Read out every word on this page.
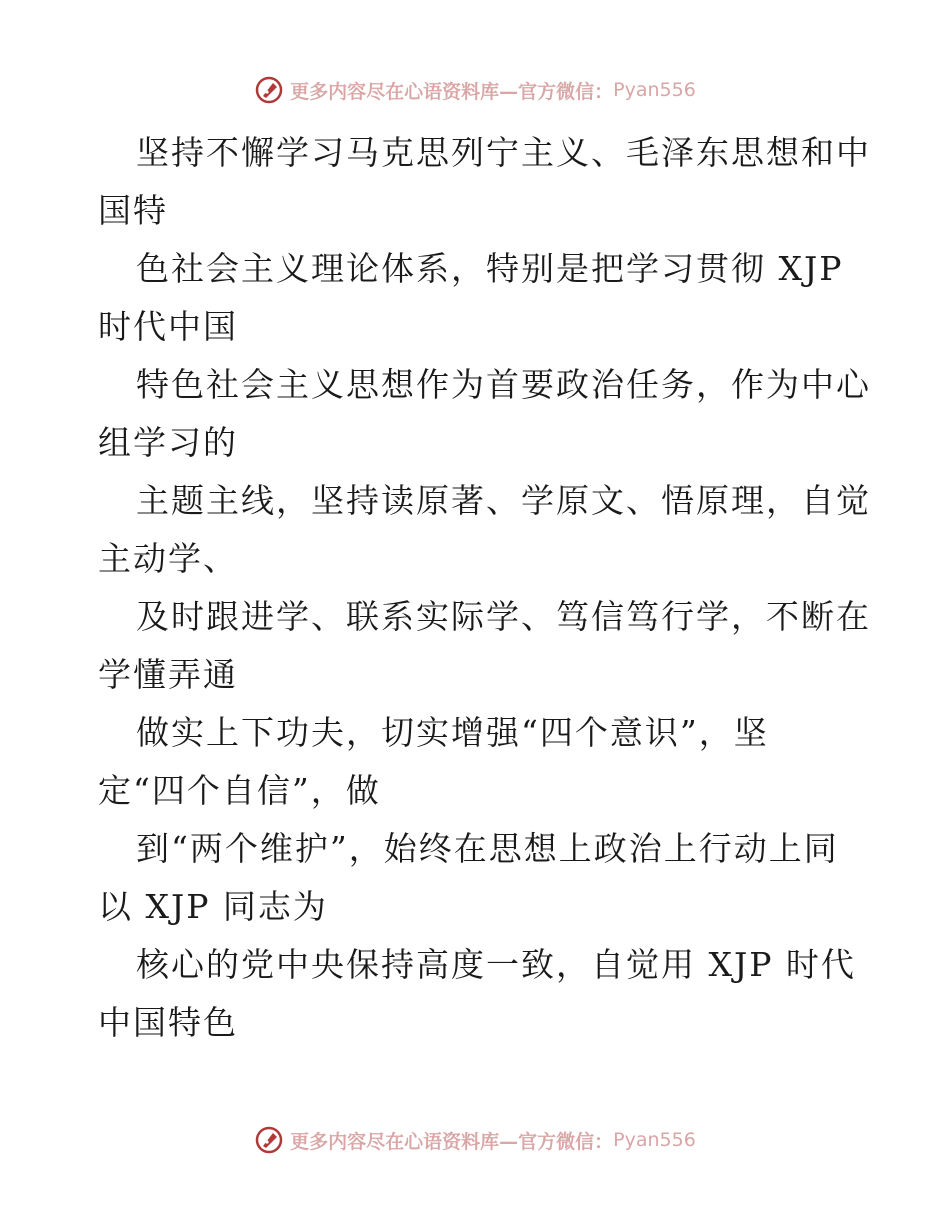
更多内容尽在心语资料库—官方微信： Pyan556

坚持不懈学习马克思列宁主义、毛泽东思想和中

国特

色社会主义理论体系，特别是把学习贯彻 XJP

时代中国

特色社会主义思想作为首要政治任务，作为中心

组学习的

主题主线，坚持读原著、学原文、悟原理，自觉

主动学、

及时跟进学、联系实际学、笃信笃行学，不断在

学懂弄通

做实上下功夫，切实增强“四个意识”，坚

定“四个自信”，做

到“两个维护”，始终在思想上政治上行动上同

以 XJP 同志为

核心的党中央保持高度一致，自觉用 XJP 时代

中国特色

更多内容尽在心语资料库—官方微信： Pyan556
